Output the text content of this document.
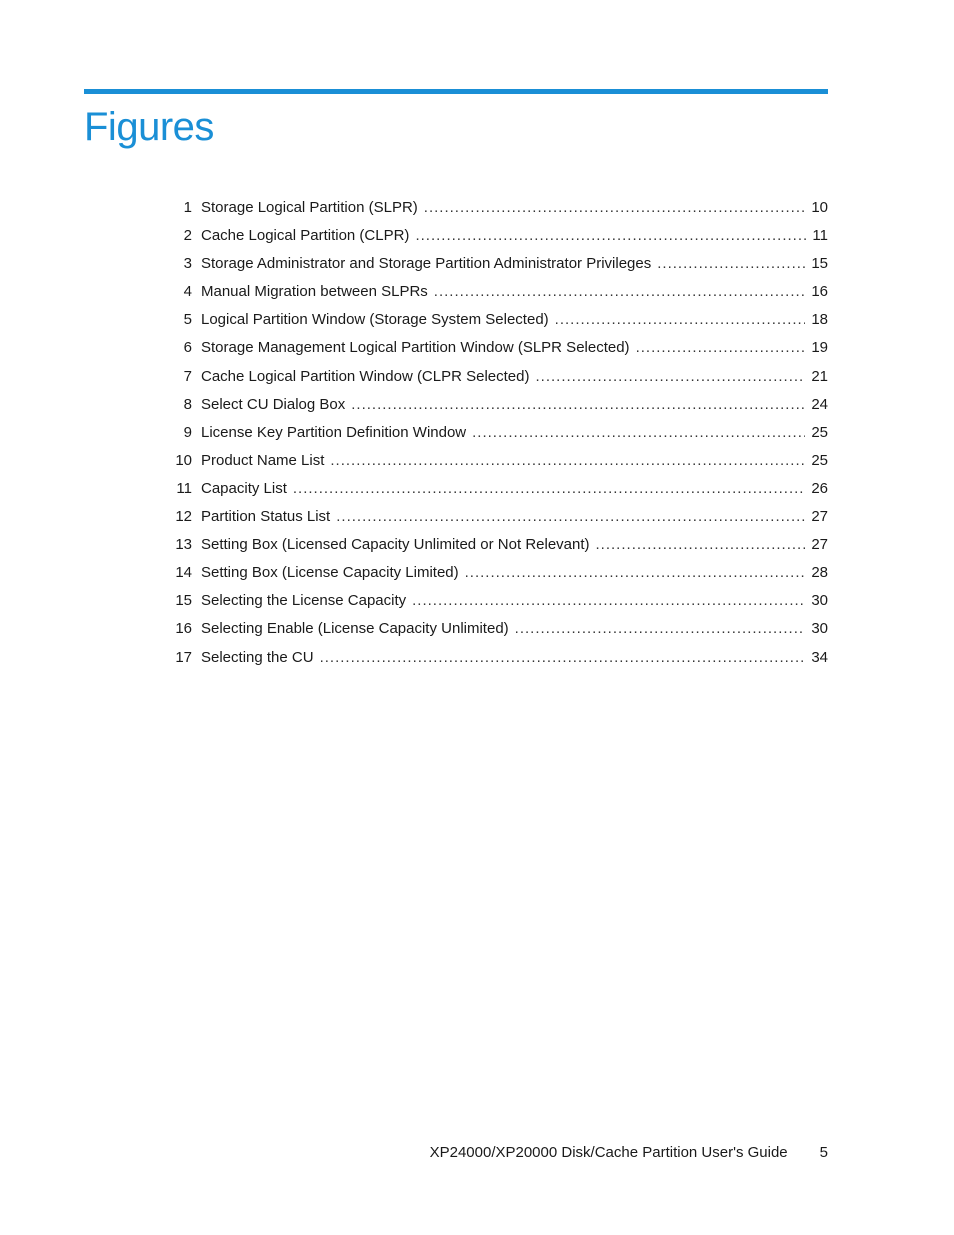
Figures
1 Storage Logical Partition (SLPR) .....	10
2 Cache Logical Partition (CLPR) .....	11
3 Storage Administrator and Storage Partition Administrator Privileges .....	15
4 Manual Migration between SLPRs .....	16
5 Logical Partition Window (Storage System Selected) .....	18
6 Storage Management Logical Partition Window (SLPR Selected) .....	19
7 Cache Logical Partition Window (CLPR Selected) .....	21
8 Select CU Dialog Box .....	24
9 License Key Partition Definition Window .....	25
10 Product Name List .....	25
11 Capacity List .....	26
12 Partition Status List .....	27
13 Setting Box (Licensed Capacity Unlimited or Not Relevant) .....	27
14 Setting Box (License Capacity Limited) .....	28
15 Selecting the License Capacity .....	30
16 Selecting Enable (License Capacity Unlimited) .....	30
17 Selecting the CU .....	34
XP24000/XP20000 Disk/Cache Partition User's Guide 5
